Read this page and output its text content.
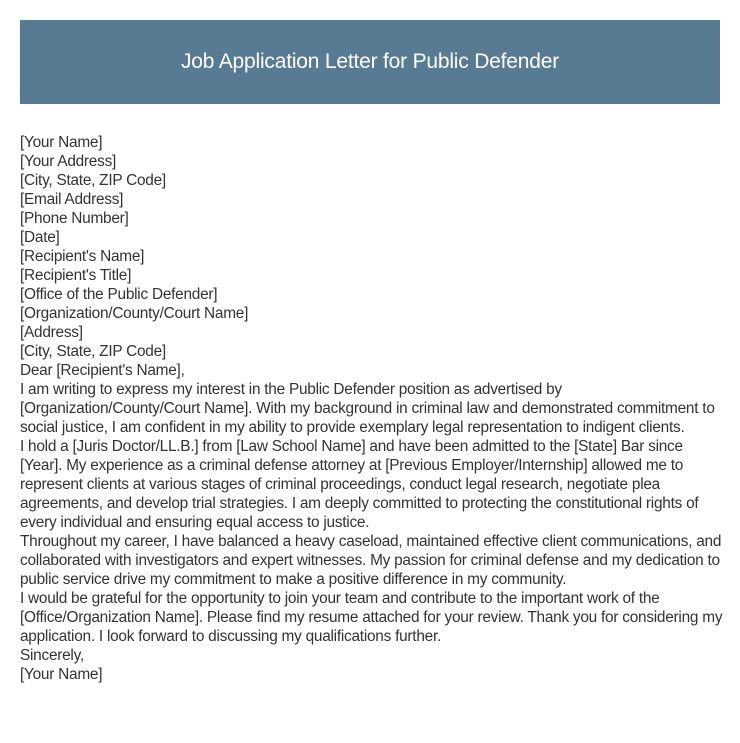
Job Application Letter for Public Defender

[Your Name]

[Your Address]

[City, State, ZIP Code]

[Email Address]

[Phone Number]

[Date]

[Recipient's Name]

[Recipient's Title]

[Office of the Public Defender]

[Organization/County/Court Name]

[Address]

[City, State, ZIP Code]

Dear [Recipient's Name],

I am writing to express my interest in the Public Defender position as advertised by [Organization/County/Court Name]. With my background in criminal law and demonstrated commitment to social justice, I am confident in my ability to provide exemplary legal representation to indigent clients.

I hold a [Juris Doctor/LL.B.] from [Law School Name] and have been admitted to the [State] Bar since [Year]. My experience as a criminal defense attorney at [Previous Employer/Internship] allowed me to represent clients at various stages of criminal proceedings, conduct legal research, negotiate plea agreements, and develop trial strategies. I am deeply committed to protecting the constitutional rights of every individual and ensuring equal access to justice.

Throughout my career, I have balanced a heavy caseload, maintained effective client communications, and collaborated with investigators and expert witnesses. My passion for criminal defense and my dedication to public service drive my commitment to make a positive difference in my community.

I would be grateful for the opportunity to join your team and contribute to the important work of the [Office/Organization Name]. Please find my resume attached for your review. Thank you for considering my application. I look forward to discussing my qualifications further.

Sincerely,

[Your Name]
